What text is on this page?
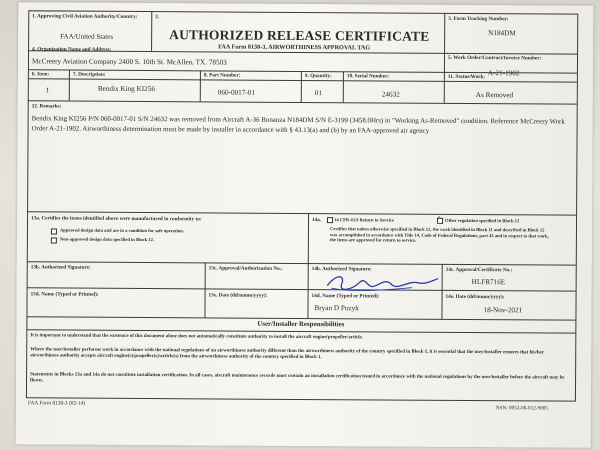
1. Approving Civil Aviation Authority/Country:
FAA/United States
2.
AUTHORIZED RELEASE CERTIFICATE
FAA Form 8130-3, AIRWORTHINESS APPROVAL TAG
3. Form Tracking Number:
N184DM
4. Organization Name and Address:
McCreery Aviation Company 2400 S. 10th St. McAllen, TX. 78503	5. Work Order/Contract/Invoice Number:
A-21-1902
6. Item:	7. Description:	8. Part Number:	9. Quantity:	10. Serial Number:	11. Status/Work:
1	Bendix King KI256	060-0017-01	01	24632	As Removed
12. Remarks:
Bendix King KI256 P/N 060-0017-01 S/N 24632 was removed from Aircraft A-36 Bonanza N184DM S/N E-3199 (3458.0Hrs) in "Working As-Removed" condition. Reference McCreery Work Order A-21-1902. Airworthiness determination must be made by installer in accordance with § 43.13(a) and (b) by an FAA-approved air agency
13a. Certifies the items identified above were manufactured in conformity to:
Approved design data and are in a condition for safe operation.
Non-approved design data specified in Block 12.
14a.	14 CFR 43.9 Return to Service	✓ Other regulation specified in Block 12
Certifies that unless otherwise specified in Block 12, the work identified in Block 11 and described in Block 12 was accomplished in accordance with Title 14, Code of Federal Regulations, part 43 and in respect to that work, the items are approved for return to service.
13b. Authorized Signature:	13c. Approval/Authorization No.:	14b. Authorized Signature:	14c. Approval/Certificate No.:
HLFR716E
13d. Name (Typed or Printed):	13e. Date (dd/mmm/yyyy):	14d. Name (Typed or Printed):
Bryan D Pozyk
14e. Date (dd/mmm/yyyy):
18-Nov-2021
User/Installer Responsibilities
It is important to understand that the existence of this document alone does not automatically constitute authority to install the aircraft engine/propeller/article.
Where the user/installer performs work in accordance with the national regulations of an airworthiness authority different than the airworthiness authority of the country specified in Block 1, it is essential that the user/installer ensures that his/her airworthiness authority accepts aircraft engine(s)/propeller(s)/article(s) from the airworthiness authority of the country specified in Block 1.
Statements in Blocks 13a and 14a do not constitute installation certification. In all cases, aircraft maintenance records must contain an installation certification issued in accordance with the national regulations by the user/installer before the aircraft may be flown.
FAA Form 8130-3 (02-14)
NSN: 0052-00-012-9005
